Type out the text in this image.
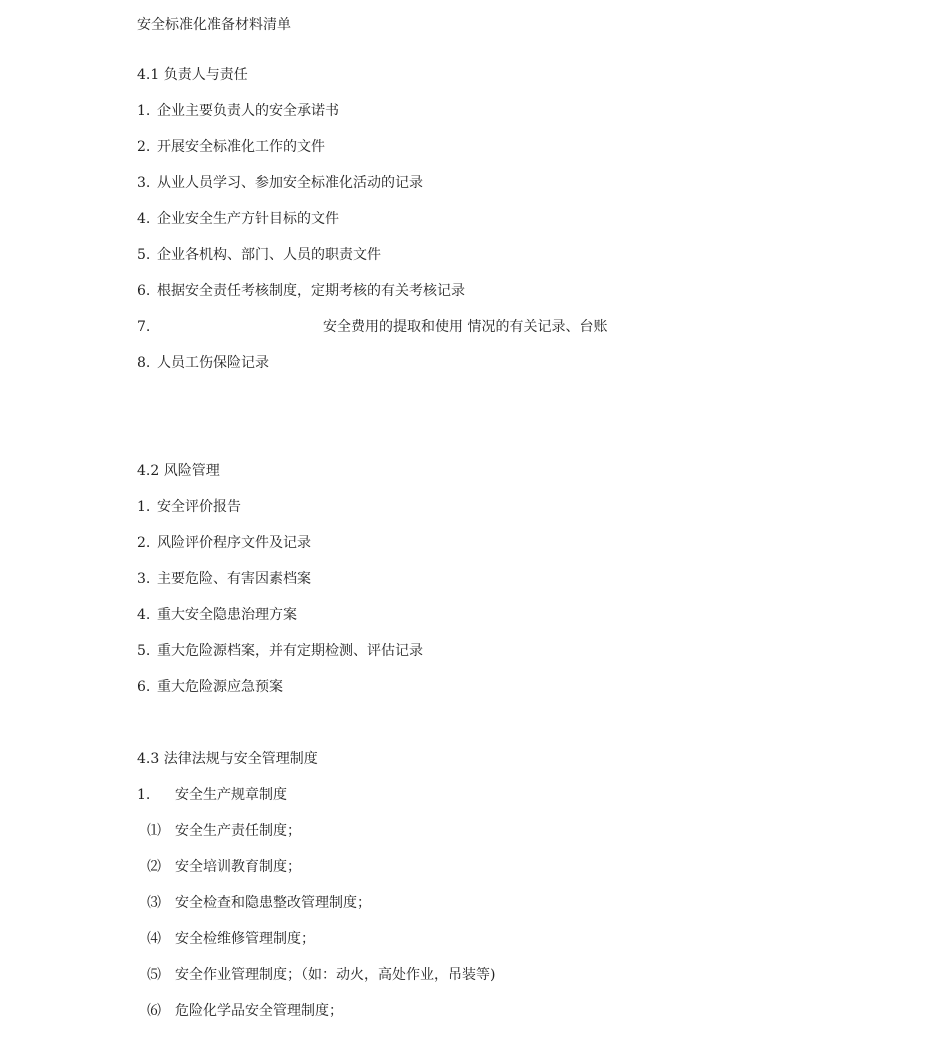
安全标准化准备材料清单
4.1 负责人与责任
1. 企业主要负责人的安全承诺书
2. 开展安全标准化工作的文件
3. 从业人员学习、参加安全标准化活动的记录
4. 企业安全生产方针目标的文件
5. 企业各机构、部门、人员的职责文件
6. 根据安全责任考核制度，定期考核的有关考核记录
7.	安全费用的提取和使用 情况的有关记录、台账
8. 人员工伤保险记录
4.2 风险管理
1. 安全评价报告
2. 风险评价程序文件及记录
3. 主要危险、有害因素档案
4. 重大安全隐患治理方案
5. 重大危险源档案，并有定期检测、评估记录
6. 重大危险源应急预案
4.3 法律法规与安全管理制度
1. 安全生产规章制度
⑴ 安全生产责任制度；
⑵ 安全培训教育制度；
⑶ 安全检查和隐患整改管理制度；
⑷ 安全检维修管理制度；
⑸ 安全作业管理制度；（如：动火，高处作业，吊装等)
⑹ 危险化学品安全管理制度；
